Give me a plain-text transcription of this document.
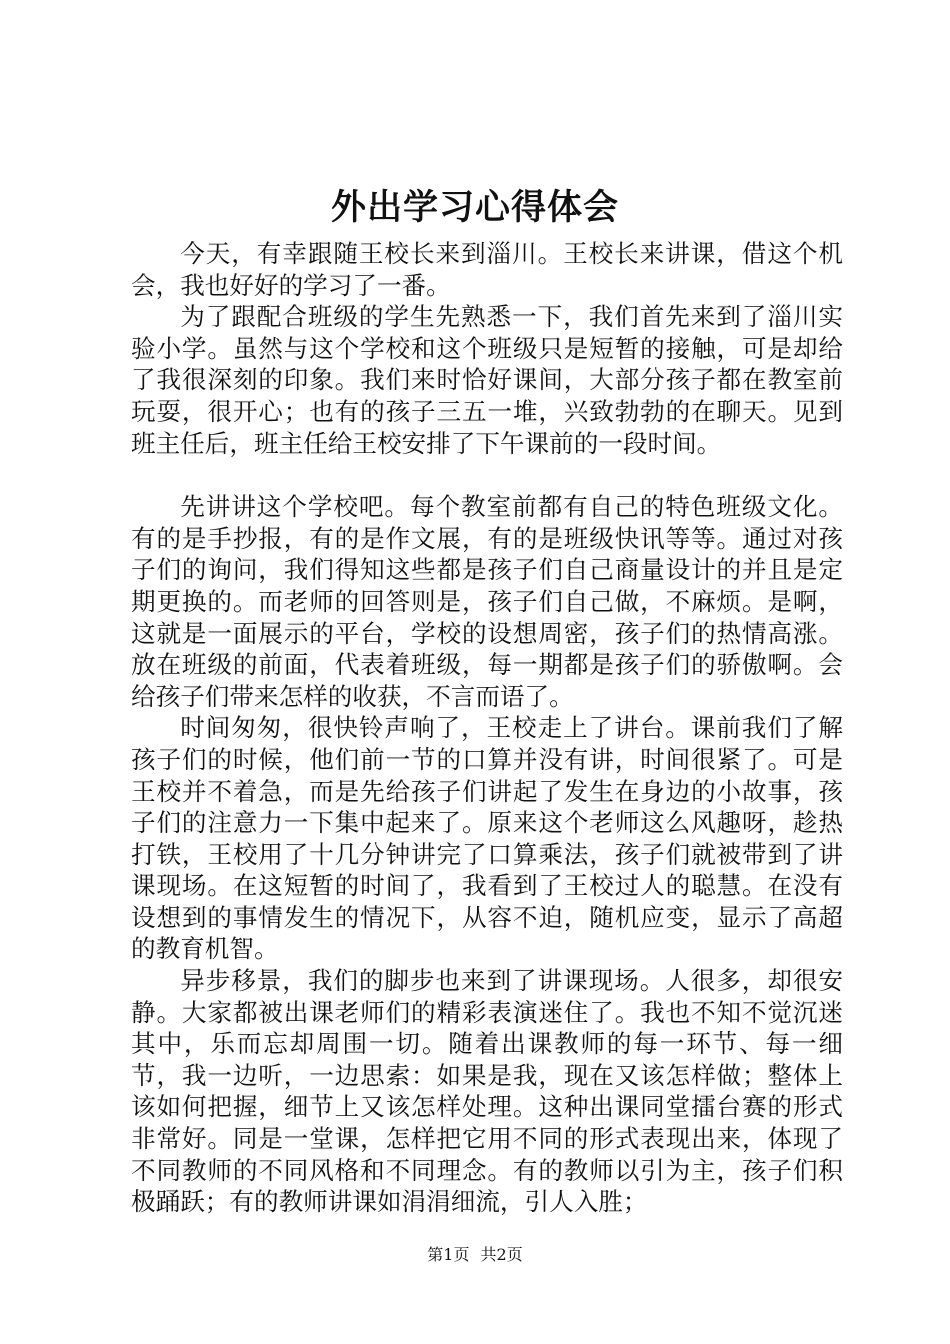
外出学习心得体会

今天，有幸跟随王校长来到淄川。王校长来讲课，借这个机会，我也好好的学习了一番。

为了跟配合班级的学生先熟悉一下，我们首先来到了淄川实验小学。虽然与这个学校和这个班级只是短暂的接触，可是却给了我很深刻的印象。我们来时恰好课间，大部分孩子都在教室前玩耍，很开心；也有的孩子三五一堆，兴致勃勃的在聊天。见到班主任后，班主任给王校安排了下午课前的一段时间。

先讲讲这个学校吧。每个教室前都有自己的特色班级文化。有的是手抄报，有的是作文展，有的是班级快讯等等。通过对孩子们的询问，我们得知这些都是孩子们自己商量设计的并且是定期更换的。而老师的回答则是，孩子们自己做，不麻烦。是啊，这就是一面展示的平台，学校的设想周密，孩子们的热情高涨。放在班级的前面，代表着班级，每一期都是孩子们的骄傲啊。会给孩子们带来怎样的收获，不言而语了。

时间匆匆，很快铃声响了，王校走上了讲台。课前我们了解孩子们的时候，他们前一节的口算并没有讲，时间很紧了。可是王校并不着急，而是先给孩子们讲起了发生在身边的小故事，孩子们的注意力一下集中起来了。原来这个老师这么风趣呀，趁热打铁，王校用了十几分钟讲完了口算乘法，孩子们就被带到了讲课现场。在这短暂的时间了，我看到了王校过人的聪慧。在没有设想到的事情发生的情况下，从容不迫，随机应变，显示了高超的教育机智。

异步移景，我们的脚步也来到了讲课现场。人很多，却很安静。大家都被出课老师们的精彩表演迷住了。我也不知不觉沉迷其中，乐而忘却周围一切。随着出课教师的每一环节、每一细节，我一边听，一边思索：如果是我，现在又该怎样做；整体上该如何把握，细节上又该怎样处理。这种出课同堂擂台赛的形式非常好。同是一堂课，怎样把它用不同的形式表现出来，体现了不同教师的不同风格和不同理念。有的教师以引为主，孩子们积极踊跃；有的教师讲课如涓涓细流，引人入胜；

第1页 共2页
